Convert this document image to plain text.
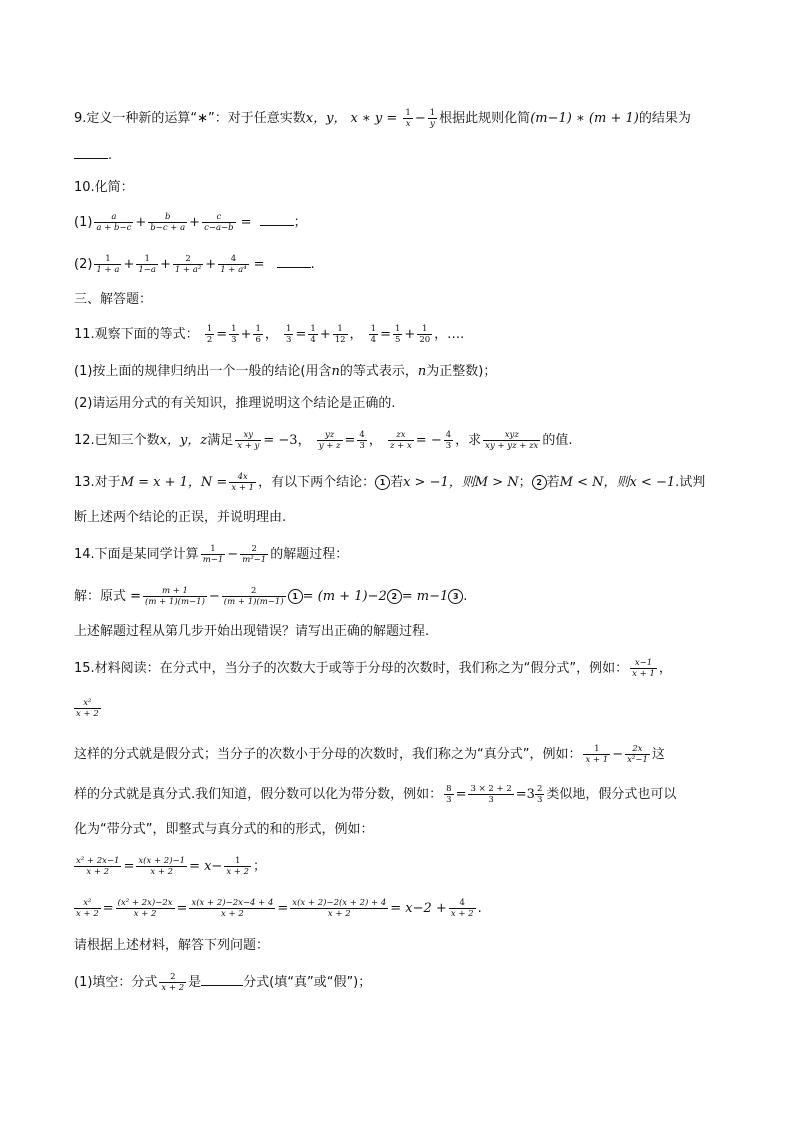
9.定义一种新的运算“∗”：对于任意实数x，y， x ∗ $y = \frac{1}{x} - \frac{1}{y}$ 根据此规则化简(m−1) ∗ (m + 1)的结果为
.
10.化简：
$(1) \frac{a}{a + b-c} + \frac{b}{b-c + a} + \frac{c}{c-a-b}$ =	；
$(2) \frac{1}{1 + a} + \frac{1}{1-a} + \frac{2}{\text{1 + a²}} + \frac{4}{\text{1 + a⁴}}$ =	.
三、解答题：
11.观察下面的等式： $\frac{1}{2} = \frac{1}{3} + \frac{1}{6}$ ， $\frac{1}{3} = \frac{1}{4} + \frac{1}{12}$ ， $\frac{1}{4} = \frac{1}{5} + \frac{1}{20}$ ，….
(1)按上面的规律归纳出一个一般的结论(用含n的等式表示，n为正整数)；
(2)请运用分式的有关知识，推理说明这个结论是正确的.
12.已知三个数x，y，z满足 $\frac{xy}{x + y} = -3$， $\frac{yz}{y + z} = \frac{4}{3}$ ， $\frac{zx}{z + x}$ = − $\frac{4}{3}$ ，求 $\frac{\text{xyz}}{xy + yz + zx}$ 的值.
13.对于M = x + 1，$N = \frac{4x}{x + 1}$ ，有以下两个结论： 1 若x > −1，则M > N； 2 若M < N，则x < −1.试判
断上述两个结论的正误，并说明理由.
14.下面是某同学计算 $\frac{1}{m-1} - \frac{2}{\text{m²−1}}$ 的解题过程：
解：原式 = $\frac{m + 1}{(m + 1)(m-1)} - \frac{2}{(m + 1)(m-1)} 1 = (m + 1)-2$ 2 = m−1 3 .
上述解题过程从第几步开始出现错误？请写出正确的解题过程.
15.材料阅读：在分式中，当分子的次数大于或等于分母的次数时，我们称之为“假分式”，例如： $\frac{x-1}{x + 1}$ ，
$\frac{\text{x²}}{x + 2}$
这样的分式就是假分式；当分子的次数小于分母的次数时，我们称之为“真分式”，例如： $\frac{1}{x + 1} - \frac{2x}{\text{x²−1}}$ 这
样的分式就是真分式.我们知道，假分数可以化为带分数，例如： $\frac{8}{3} = \frac{3 \times 2 + 2}{3} =3 \frac{2}{3}$ 类似地，假分式也可以
化为“带分式”，即整式与真分式的和的形式，例如：
$\frac{\text{x² + 2x−1}}{x + 2} = \frac{x(x + 2)-1}{x + 2} = x- \frac{1}{x + 2}$ ；
$\frac{\text{x²}}{x + 2} = \frac{\text{(x² + 2x)−2x}}{x + 2} = \frac{x(x + 2)-2x-4 + 4}{x + 2} = \frac{x(x + 2)-2(x + 2) + 4}{x + 2} = x-2 + \frac{4}{x + 2}$ .
请根据上述材料，解答下列问题：
(1)填空：分式 $\frac{2}{x + 2}$ 是	分式(填“真”或“假”)；
